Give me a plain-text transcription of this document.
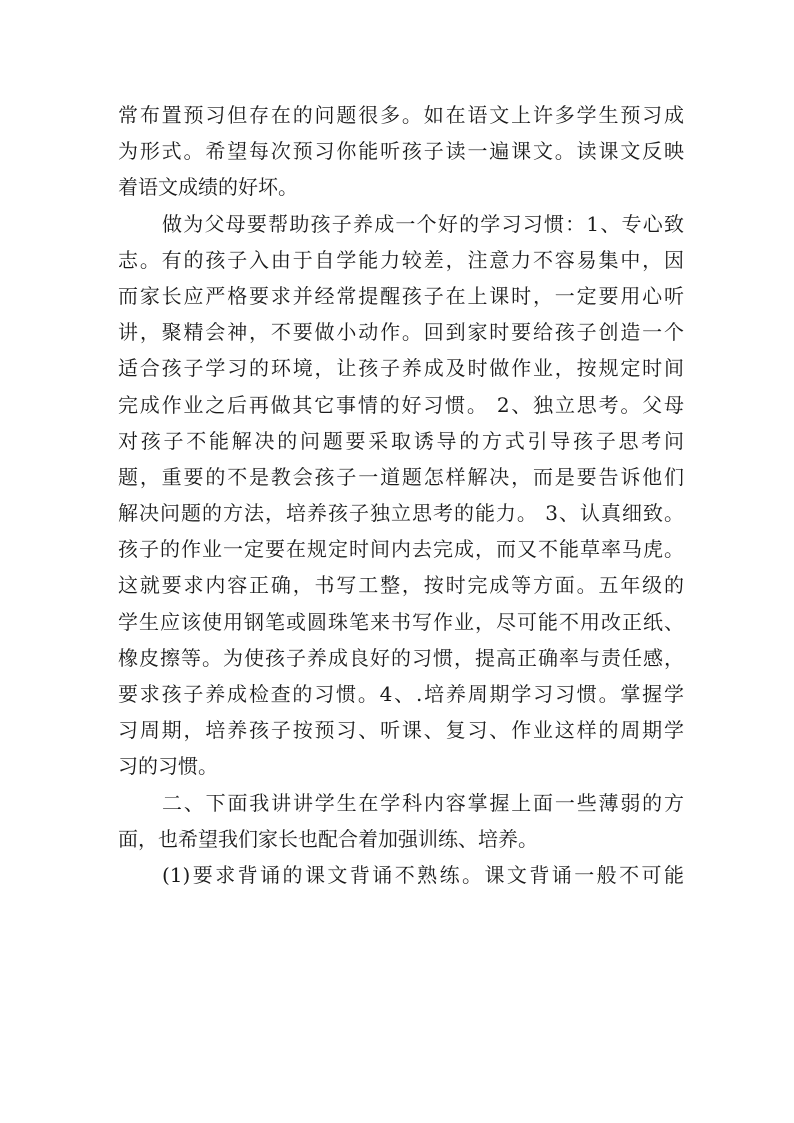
常布置预习但存在的问题很多。如在语文上许多学生预习成
为形式。希望每次预习你能听孩子读一遍课文。读课文反映
着语文成绩的好坏。
做为父母要帮助孩子养成一个好的学习习惯：1、专心致
志。有的孩子入由于自学能力较差，注意力不容易集中，因
而家长应严格要求并经常提醒孩子在上课时，一定要用心听
讲，聚精会神，不要做小动作。回到家时要给孩子创造一个
适合孩子学习的环境，让孩子养成及时做作业，按规定时间
完成作业之后再做其它事情的好习惯。 2、独立思考。父母
对孩子不能解决的问题要采取诱导的方式引导孩子思考问
题，重要的不是教会孩子一道题怎样解决，而是要告诉他们
解决问题的方法，培养孩子独立思考的能力。 3、认真细致。
孩子的作业一定要在规定时间内去完成，而又不能草率马虎。
这就要求内容正确，书写工整，按时完成等方面。五年级的
学生应该使用钢笔或圆珠笔来书写作业，尽可能不用改正纸、
橡皮擦等。为使孩子养成良好的习惯，提高正确率与责任感，
要求孩子养成检查的习惯。4、.培养周期学习习惯。掌握学
习周期，培养孩子按预习、听课、复习、作业这样的周期学
习的习惯。
二、下面我讲讲学生在学科内容掌握上面一些薄弱的方
面，也希望我们家长也配合着加强训练、培养。
(1)要求背诵的课文背诵不熟练。课文背诵一般不可能
